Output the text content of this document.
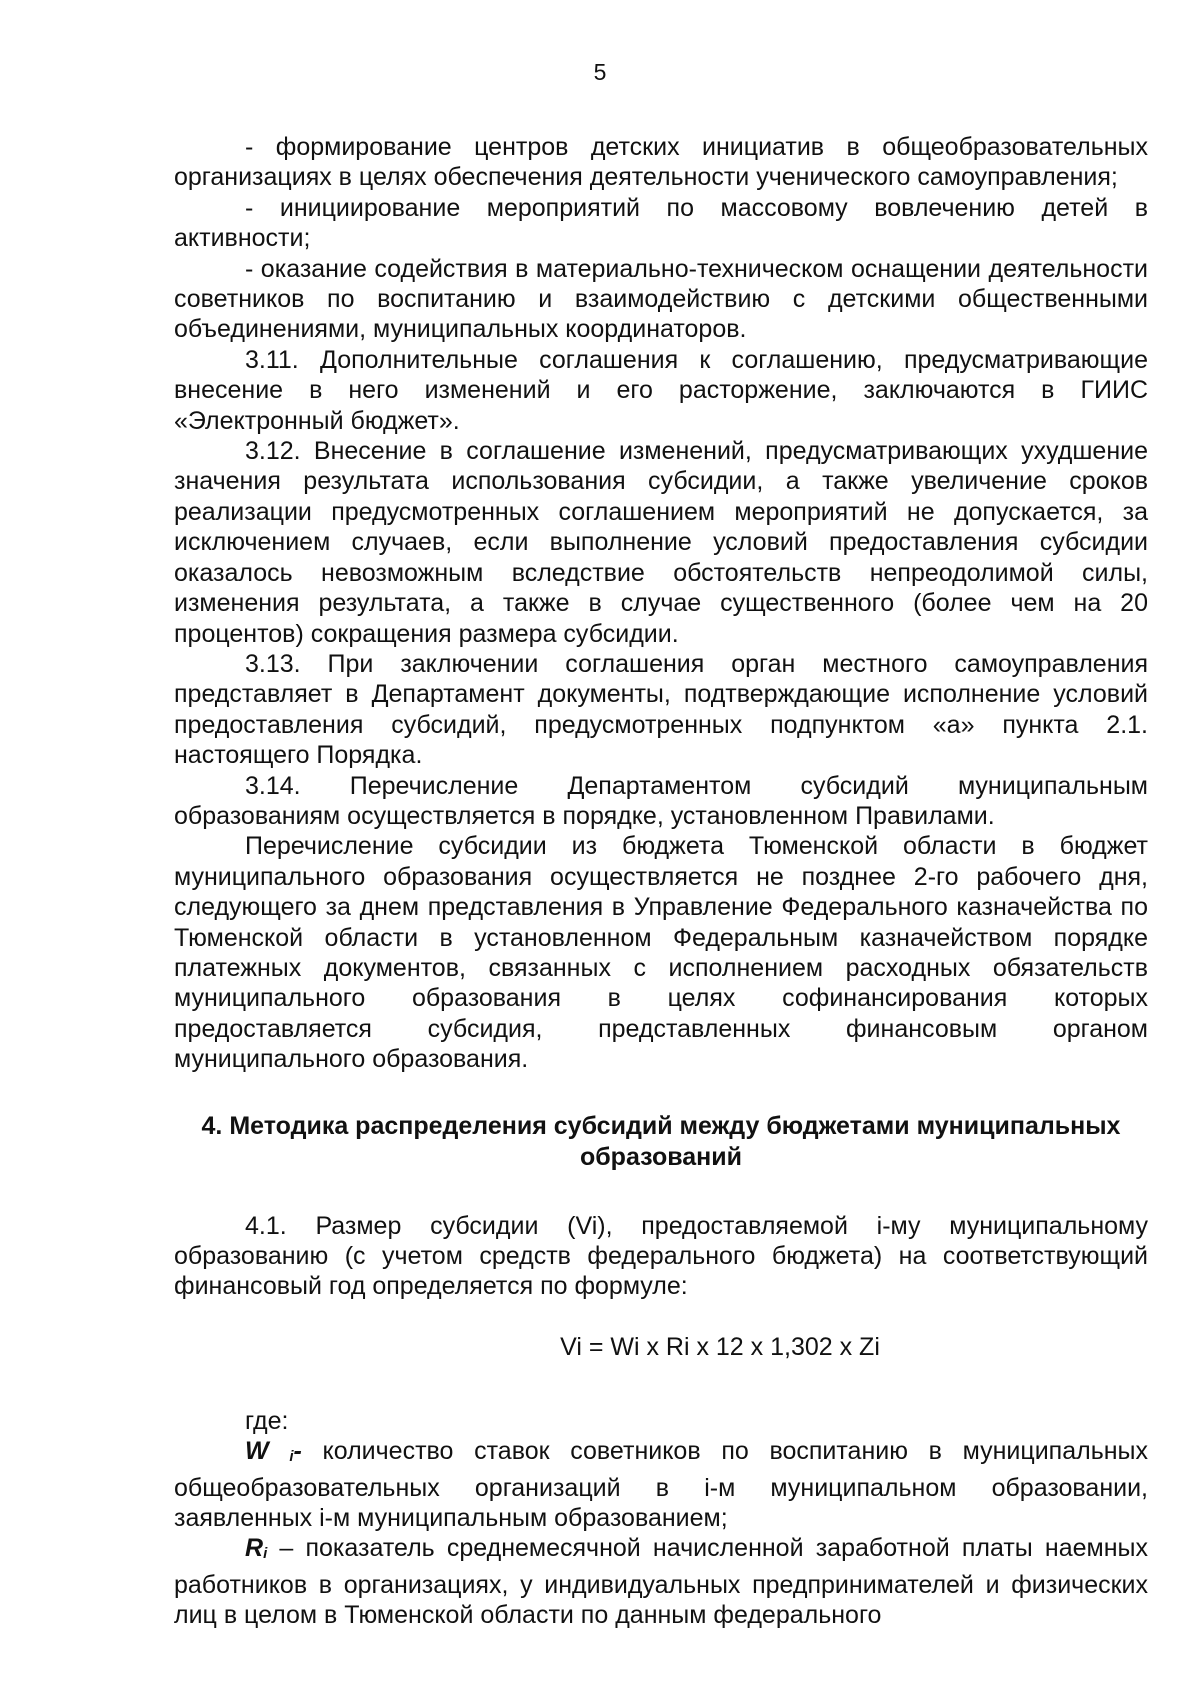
5

- формирование центров детских инициатив в общеобразовательных организациях в целях обеспечения деятельности ученического самоуправления;

- инициирование мероприятий по массовому вовлечению детей в активности;

- оказание содействия в материально-техническом оснащении деятельности советников по воспитанию и взаимодействию с детскими общественными объединениями, муниципальных координаторов.

3.11. Дополнительные соглашения к соглашению, предусматривающие внесение в него изменений и его расторжение, заключаются в ГИИС «Электронный бюджет».

3.12. Внесение в соглашение изменений, предусматривающих ухудшение значения результата использования субсидии, а также увеличение сроков реализации предусмотренных соглашением мероприятий не допускается, за исключением случаев, если выполнение условий предоставления субсидии оказалось невозможным вследствие обстоятельств непреодолимой силы, изменения результата, а также в случае существенного (более чем на 20 процентов) сокращения размера субсидии.

3.13. При заключении соглашения орган местного самоуправления представляет в Департамент документы, подтверждающие исполнение условий предоставления субсидий, предусмотренных подпунктом «а» пункта 2.1. настоящего Порядка.

3.14. Перечисление Департаментом субсидий муниципальным образованиям осуществляется в порядке, установленном Правилами.

Перечисление субсидии из бюджета Тюменской области в бюджет муниципального образования осуществляется не позднее 2-го рабочего дня, следующего за днем представления в Управление Федерального казначейства по Тюменской области в установленном Федеральным казначейством порядке платежных документов, связанных с исполнением расходных обязательств муниципального образования в целях софинансирования которых предоставляется субсидия, представленных финансовым органом муниципального образования.

4. Методика распределения субсидий между бюджетами муниципальных образований

4.1. Размер субсидии (Vi), предоставляемой i-му муниципальному образованию (с учетом средств федерального бюджета) на соответствующий финансовый год определяется по формуле:

Vi = Wi x Ri x 12 x 1,302 x Zi

где:

W i- количество ставок советников по воспитанию в муниципальных общеобразовательных организаций в i-м муниципальном образовании, заявленных i-м муниципальным образованием;

Ri – показатель среднемесячной начисленной заработной платы наемных работников в организациях, у индивидуальных предпринимателей и физических лиц в целом в Тюменской области по данным федерального
